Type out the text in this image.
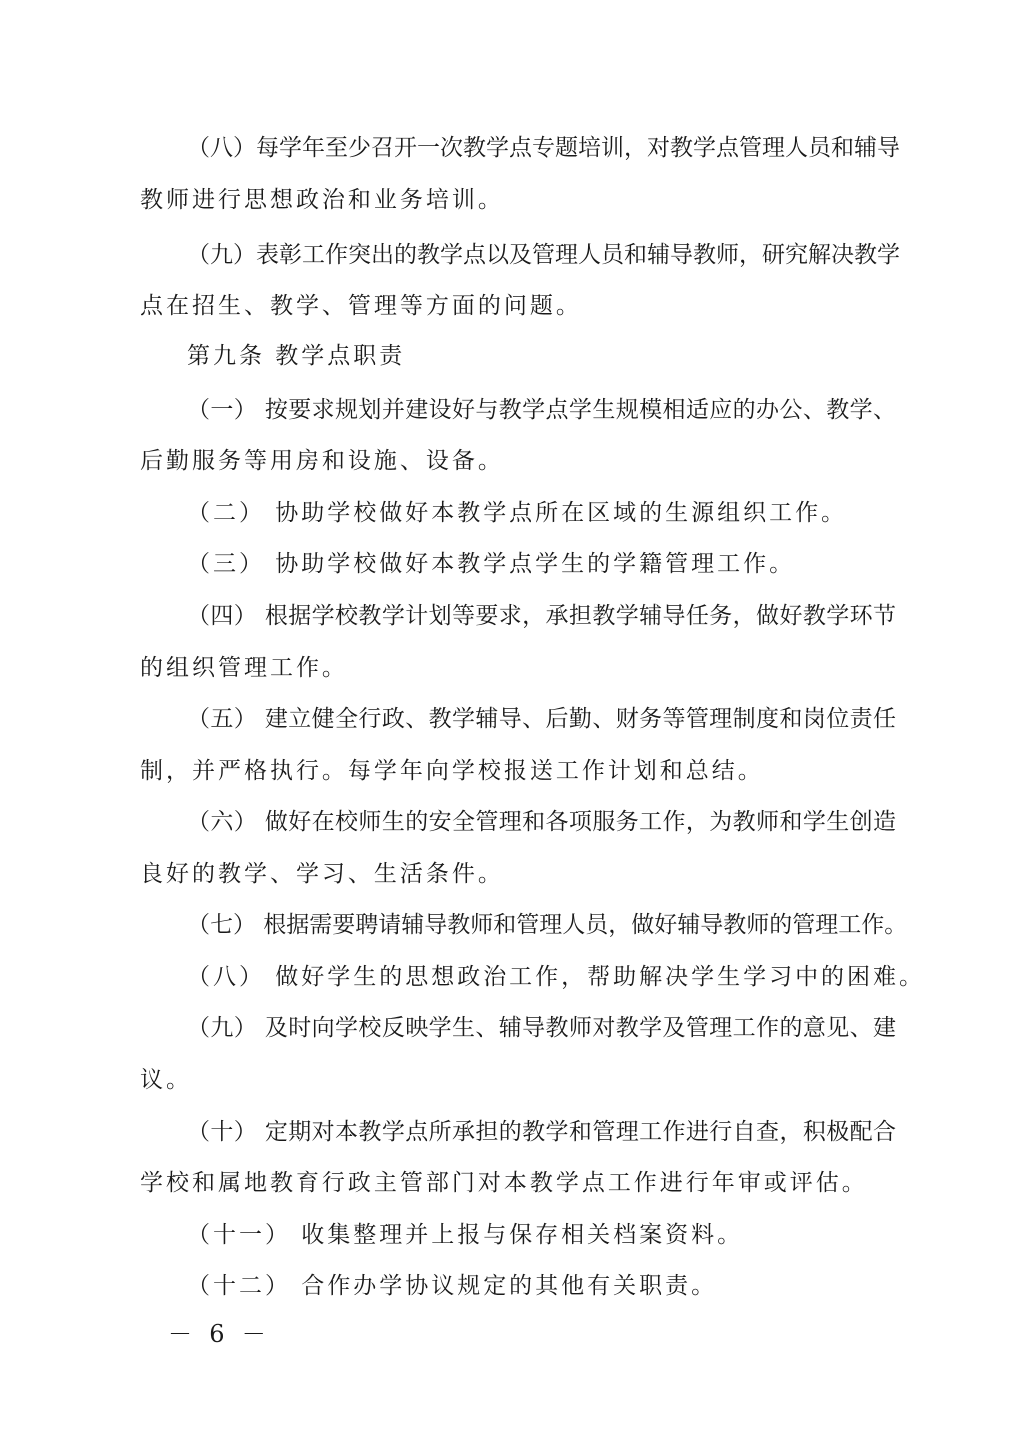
（八）每学年至少召开一次教学点专题培训，对教学点管理人员和辅导
教师进行思想政治和业务培训。
（九）表彰工作突出的教学点以及管理人员和辅导教师，研究解决教学
点在招生、教学、管理等方面的问题。
第九条 教学点职责
（一） 按要求规划并建设好与教学点学生规模相适应的办公、教学、
后勤服务等用房和设施、设备。
（二） 协助学校做好本教学点所在区域的生源组织工作。
（三） 协助学校做好本教学点学生的学籍管理工作。
（四） 根据学校教学计划等要求，承担教学辅导任务，做好教学环节
的组织管理工作。
（五） 建立健全行政、教学辅导、后勤、财务等管理制度和岗位责任
制，并严格执行。每学年向学校报送工作计划和总结。
（六） 做好在校师生的安全管理和各项服务工作，为教师和学生创造
良好的教学、学习、生活条件。
（七） 根据需要聘请辅导教师和管理人员，做好辅导教师的管理工作。
（八） 做好学生的思想政治工作，帮助解决学生学习中的困难。
（九） 及时向学校反映学生、辅导教师对教学及管理工作的意见、建
议。
（十） 定期对本教学点所承担的教学和管理工作进行自查，积极配合
学校和属地教育行政主管部门对本教学点工作进行年审或评估。
（十一） 收集整理并上报与保存相关档案资料。
（十二） 合作办学协议规定的其他有关职责。
－ 6 －
